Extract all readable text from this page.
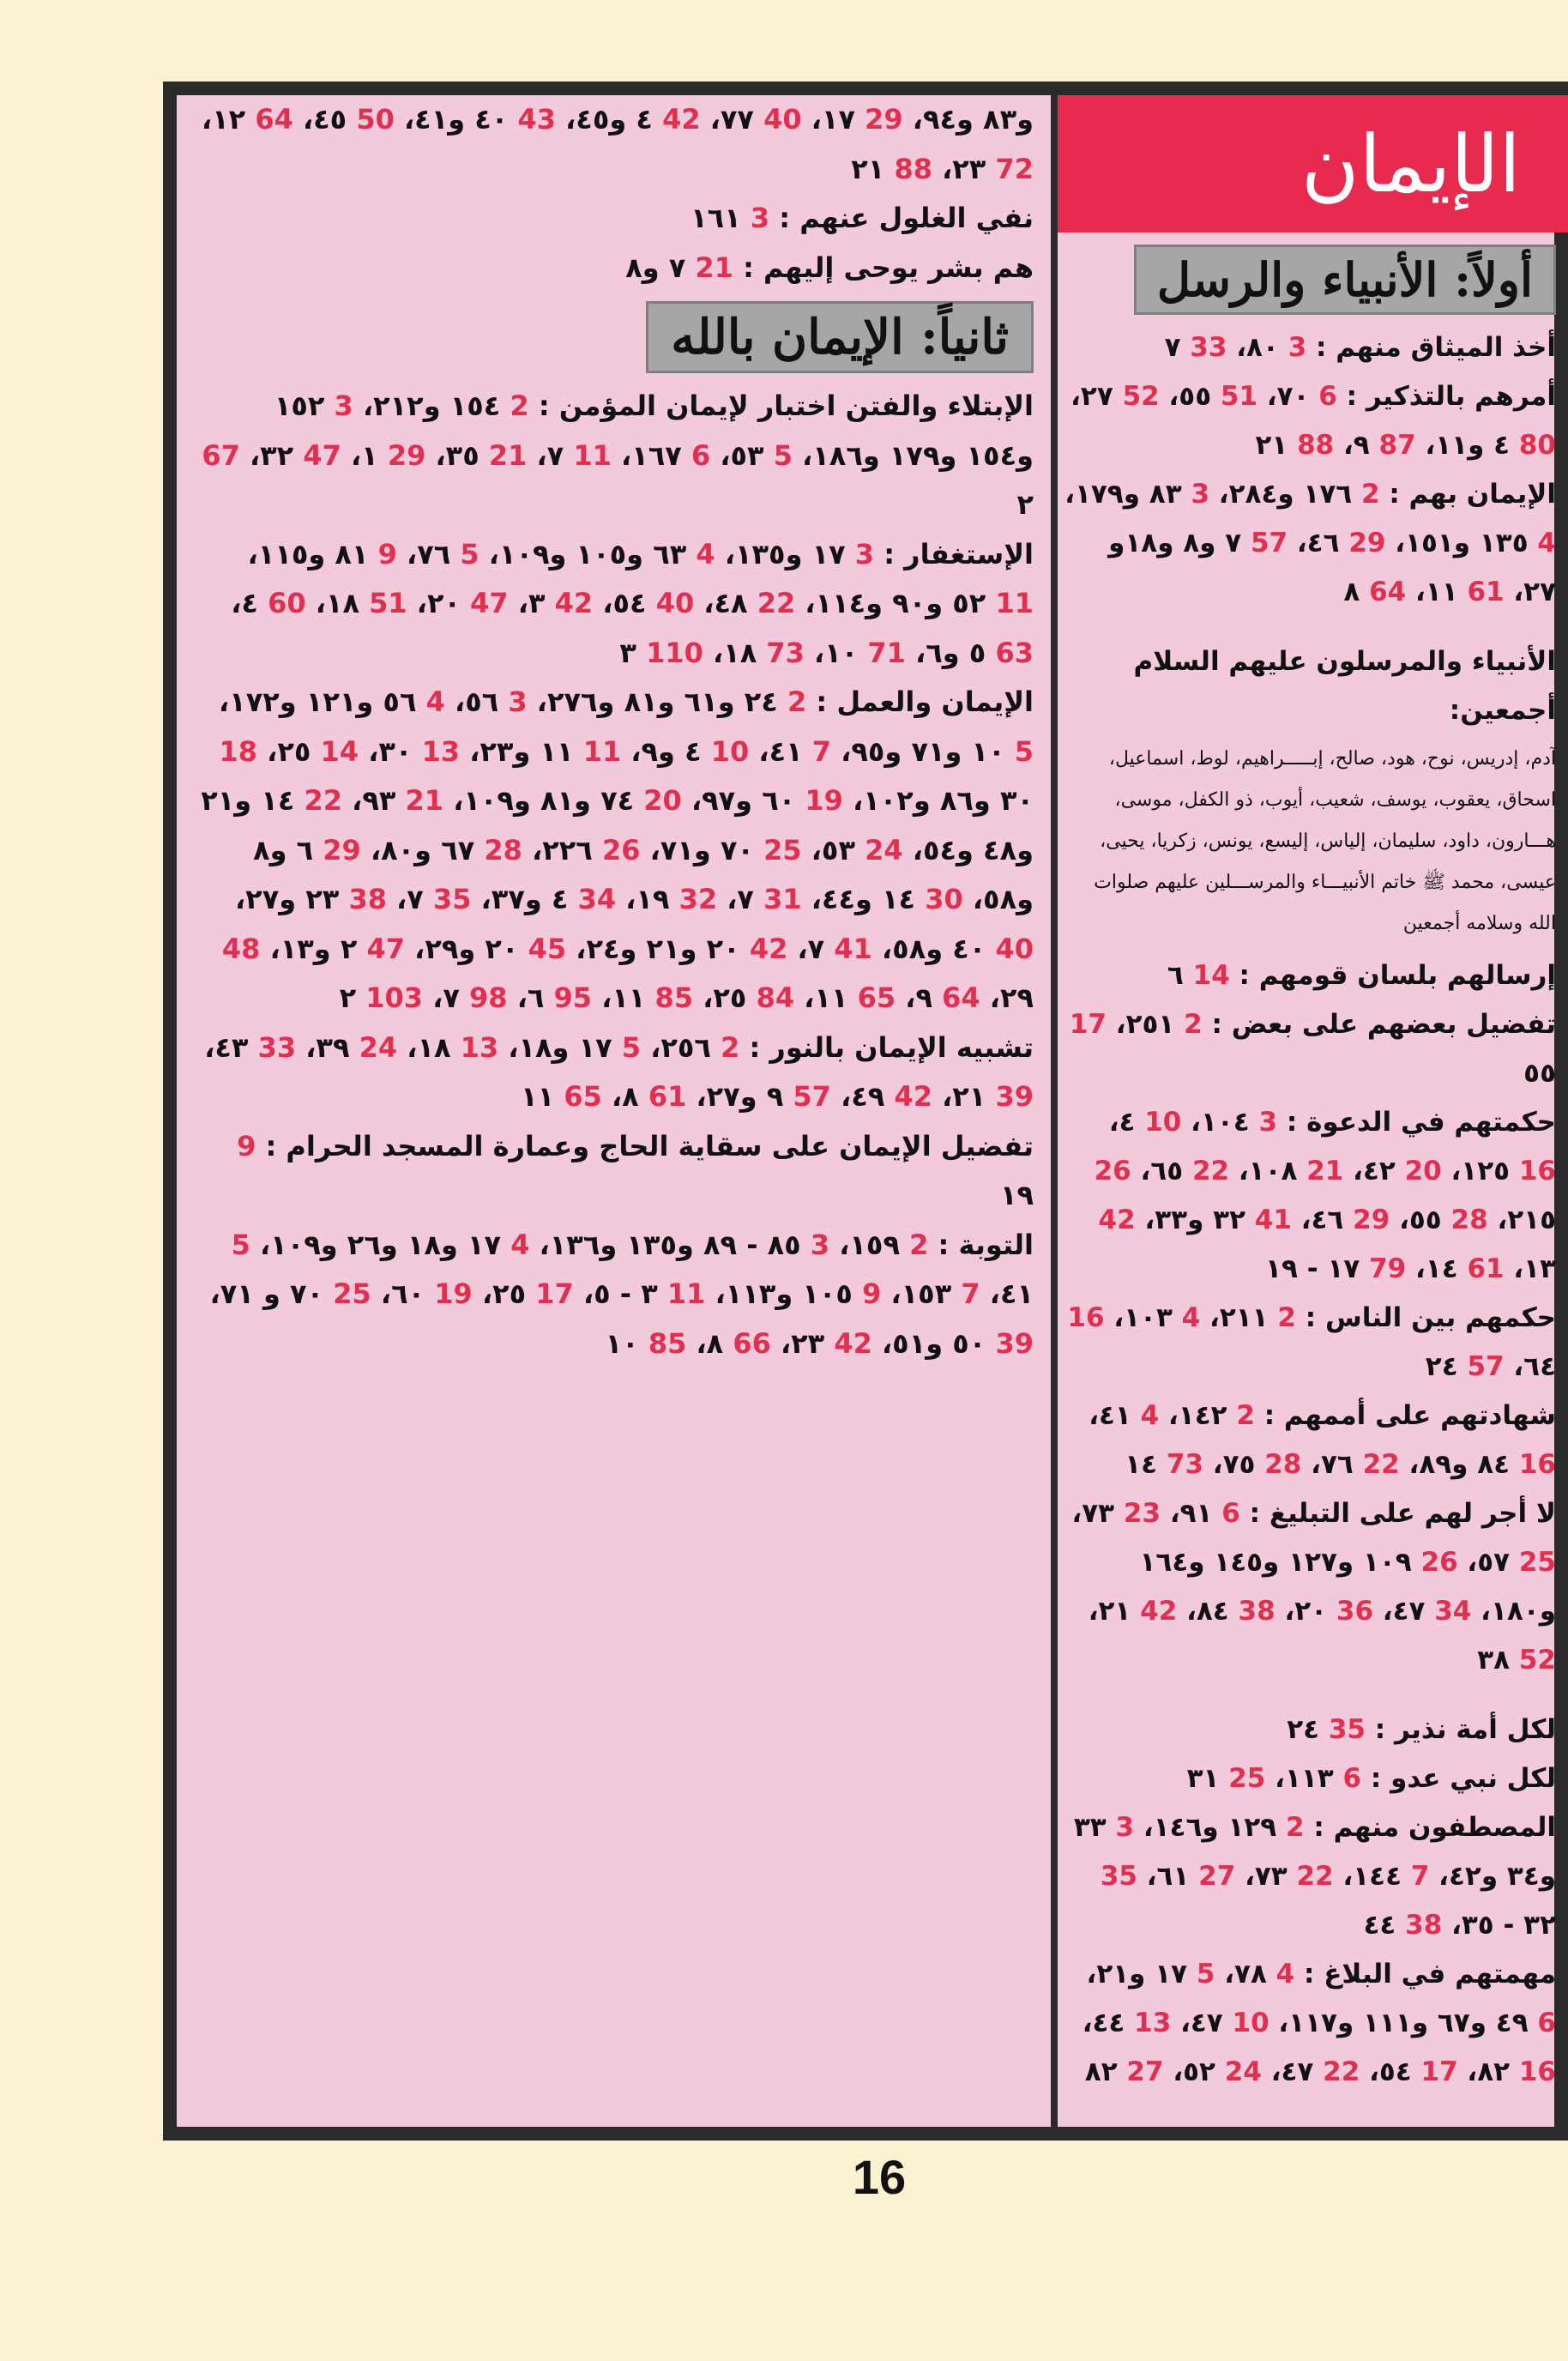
الإيمان
أولاً: الأنبياء والرسل
أخذ الميثاق منهم : 3 ٨٠، 33 ٧
أمرهم بالتذكير : 6 ٧٠، 51 ٥٥، 52 ٢٧، 80 ٤ و١١، 87 ٩، 88 ٢١
الإيمان بهم : 2 ١٧٦ و٢٨٤، 3 ٨٣ و١٧٩، 4 ١٣٥ و١٥١، 29 ٤٦، 57 ٧ و٨ و١٨و ٢٧، 61 ١١، 64 ٨
الأنبياء والمرسلون عليهم السلام أجمعين:
آدم، إدريس، نوح، هود، صالح، إبـــــراهيم، لوط، اسماعيل، اسحاق، يعقوب، يوسف، شعيب، أيوب، ذو الكفل، موسى، هـــارون، داود، سليمان، إلياس، إليسع، يونس، زكريا، يحيى، عيسى، محمد ﷺ خاتم الأنبيـــاء والمرســـلين عليهم صلوات الله وسلامه أجمعين
إرسالهم بلسان قومهم : 14 ٦
تفضيل بعضهم على بعض : 2 ٢٥١، 17 ٥٥
حكمتهم في الدعوة : 3 ١٠٤، 10 ٤، 16 ١٢٥، 20 ٤٢، 21 ١٠٨، 22 ٦٥، 26 ٢١٥، 28 ٥٥، 29 ٤٦، 41 ٣٢ و٣٣، 42 ١٣، 61 ١٤، 79 ١٧ - ١٩
حكمهم بين الناس : 2 ٢١١، 4 ١٠٣، 16 ٦٤، 57 ٢٤
شهادتهم على أممهم : 2 ١٤٢، 4 ٤١، 16 ٨٤ و٨٩، 22 ٧٦، 28 ٧٥، 73 ١٤
لا أجر لهم على التبليغ : 6 ٩١، 23 ٧٣، 25 ٥٧، 26 ١٠٩ و١٢٧ و١٤٥ و١٦٤ و١٨٠، 34 ٤٧، 36 ٢٠، 38 ٨٤، 42 ٢١، 52 ٣٨
لكل أمة نذير : 35 ٢٤
لكل نبي عدو : 6 ١١٣، 25 ٣١
المصطفون منهم : 2 ١٢٩ و١٤٦، 3 ٣٣ و٣٤ و٤٢، 7 ١٤٤، 22 ٧٣، 27 ٦١، 35 ٣٢ - ٣٥، 38 ٤٤
مهمتهم في البلاغ : 4 ٧٨، 5 ١٧ و٢١، 6 ٤٩ و٦٧ و١١١ و١١٧، 10 ٤٧، 13 ٤٤، 16 ٨٢، 17 ٥٤، 22 ٤٧، 24 ٥٢، 27 ٨٢
و٨٣ و٩٤، 29 ١٧، 40 ٧٧، 42 ٤ و٤٥، 43 ٤٠ و٤١، 50 ٤٥، 64 ١٢، 72 ٢٣، 88 ٢١
نفي الغلول عنهم : 3 ١٦١
هم بشر يوحى إليهم : 21 ٧ و٨
ثانياً: الإيمان بالله
الإبتلاء والفتن اختبار لإيمان المؤمن : 2 ١٥٤ و٢١٢، 3 ١٥٢ و١٥٤ و١٧٩ و١٨٦، 5 ٥٣، 6 ١٦٧، 11 ٧، 21 ٣٥، 29 ١، 47 ٣٢، 67 ٢
الإستغفار : 3 ١٧ و١٣٥، 4 ٦٣ و١٠٥ و١٠٩، 5 ٧٦، 9 ٨١ و١١٥، 11 ٥٢ و٩٠ و١١٤، 22 ٤٨، 40 ٥٤، 42 ٣، 47 ٢٠، 51 ١٨، 60 ٤، 63 ٥ و٦، 71 ١٠، 73 ١٨، 110 ٣
الإيمان والعمل : 2 ٢٤ و٦١ و٨١ و٢٧٦، 3 ٥٦، 4 ٥٦ و١٢١ و١٧٢، 5 ١٠ و٧١ و٩٥، 7 ٤١، 10 ٤ و٩، 11 ١١ و٢٣، 13 ٣٠، 14 ٢٥، 18 ٣٠ و٨٦ و١٠٢، 19 ٦٠ و٩٧، 20 ٧٤ و٨١ و١٠٩، 21 ٩٣، 22 ١٤ و٢١ و٤٨ و٥٤، 24 ٥٣، 25 ٧٠ و٧١، 26 ٢٢٦، 28 ٦٧ و٨٠، 29 ٦ و٨ و٥٨، 30 ١٤ و٤٤، 31 ٧، 32 ١٩، 34 ٤ و٣٧، 35 ٧، 38 ٢٣ و٢٧، 40 ٤٠ و٥٨، 41 ٧، 42 ٢٠ و٢١ و٢٤، 45 ٢٠ و٢٩، 47 ٢ و١٣، 48 ٢٩، 64 ٩، 65 ١١، 84 ٢٥، 85 ١١، 95 ٦، 98 ٧، 103 ٢
تشبيه الإيمان بالنور : 2 ٢٥٦، 5 ١٧ و١٨، 13 ١٨، 24 ٣٩، 33 ٤٣، 39 ٢١، 42 ٤٩، 57 ٩ و٢٧، 61 ٨، 65 ١١
تفضيل الإيمان على سقاية الحاج وعمارة المسجد الحرام : 9 ١٩
التوبة : 2 ١٥٩، 3 ٨٥ - ٨٩ و١٣٥ و١٣٦، 4 ١٧ و١٨ و٢٦ و١٠٩، 5 ٤١، 7 ١٥٣، 9 ١٠٥ و١١٣، 11 ٣ - ٥، 17 ٢٥، 19 ٦٠، 25 ٧٠ و ٧١، 39 ٥٠ و٥١، 42 ٢٣، 66 ٨، 85 ١٠
16
